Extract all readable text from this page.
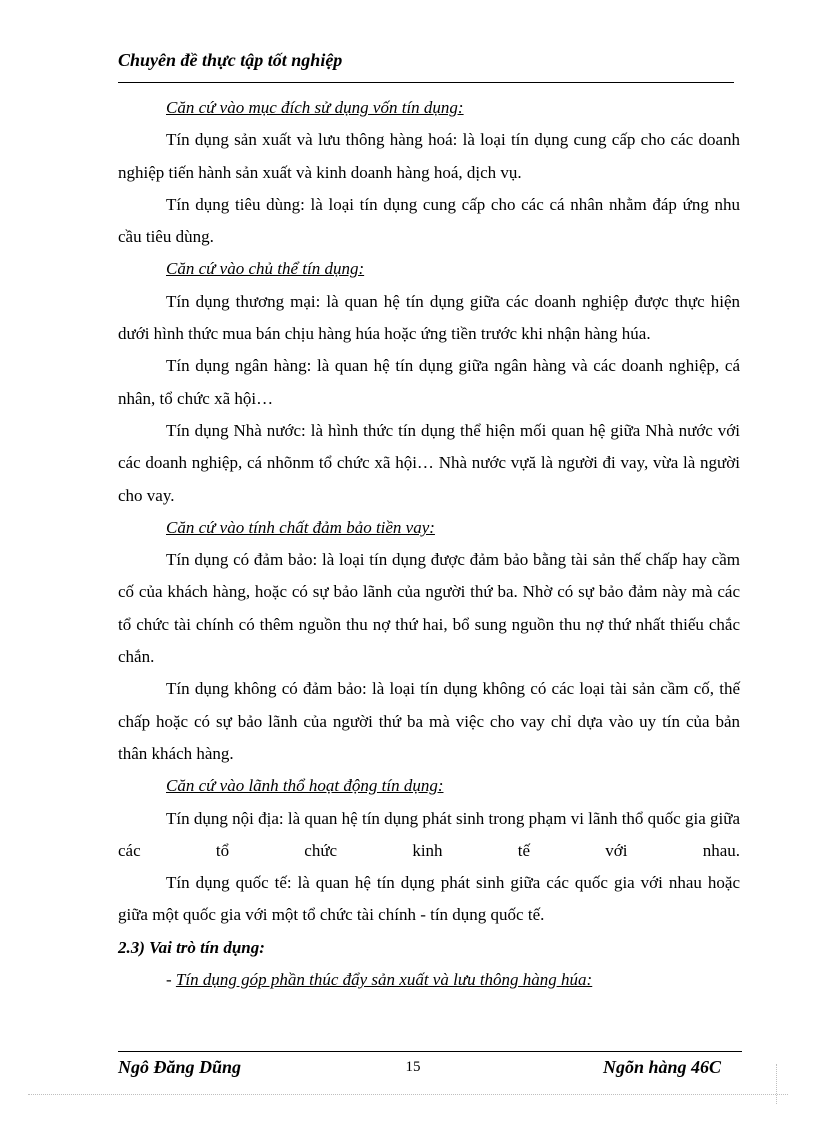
Chuyên đề thực tập tốt nghiệp

Căn cứ vào mục đích sử dụng vốn tín dụng:

Tín dụng sản xuất và lưu thông hàng hoá: là loại tín dụng cung cấp cho các doanh nghiệp tiến hành sản xuất và kinh doanh hàng hoá, dịch vụ.

Tín dụng tiêu dùng: là loại tín dụng cung cấp cho các cá nhân nhằm đáp ứng nhu cầu tiêu dùng.

Căn cứ vào chủ thể tín dụng:

Tín dụng thương mại: là quan hệ tín dụng giữa các doanh nghiệp được thực hiện dưới hình thức mua bán chịu hàng húa hoặc ứng tiền trước khi nhận hàng húa.

Tín dụng ngân hàng: là quan hệ tín dụng giữa ngân hàng và các doanh nghiệp, cá nhân, tổ chức xã hội…

Tín dụng Nhà nước: là hình thức tín dụng thể hiện mối quan hệ giữa Nhà nước với các doanh nghiệp, cá nhõnm tổ chức xã hội… Nhà nước vựă là người đi vay, vừa là người cho vay.

Căn cứ vào tính chất đảm bảo tiền vay:

Tín dụng có đảm bảo: là loại tín dụng được đảm bảo bằng tài sản thế chấp hay cầm cố của khách hàng, hoặc có sự bảo lãnh của người thứ ba. Nhờ có sự bảo đảm này mà các tổ chức tài chính có thêm nguồn thu nợ thứ hai, bổ sung nguồn thu nợ thứ nhất thiếu chắc chắn.

Tín dụng không có đảm bảo: là loại tín dụng không có các loại tài sản cầm cố, thế chấp hoặc có sự bảo lãnh của người thứ ba mà việc cho vay chỉ dựa vào uy tín của bản thân khách hàng.

Căn cứ vào lãnh thổ hoạt động tín dụng:

Tín dụng nội địa: là quan hệ tín dụng phát sinh trong phạm vi lãnh thổ quốc gia giữa các tổ chức kinh tế với nhau.

Tín dụng quốc tế: là quan hệ tín dụng phát sinh giữa các quốc gia với nhau hoặc giữa một quốc gia với một tổ chức tài chính - tín dụng quốc tế.

2.3) Vai trò tín dụng:

- Tín dụng góp phần thúc đẩy sản xuất và lưu thông hàng húa:

Ngô Đăng Dũng	15	Ngõn hàng 46C
